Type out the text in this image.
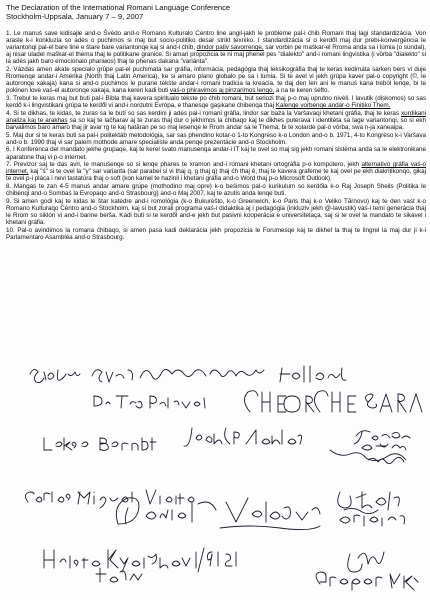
The Declaration of the International Romani Language Conference
Stockholm-Uppsala, January 7 – 9, 2007

1. Le manuś save kidisajle and-o Śvėdo and-o Romano Kulturalo Cėntro line angil-jakh le problėme pal-i ćhib Romani thaj lagi standardizácia. Von arasle k-i konkluzia so adės o puchimos si maj but socio-politiko desar strikt texniko. I standardizácia si o kerdől maj dur prebi-konvergėncia le variantonqi pal-el bare line e štare bare variantonqe kaj si and-i ćhib, dindor pativ savorrenqe, sar vorbin pe maškar-el Rroma anda sa i lúmia (o sundal), aj nisar uladel maškar-el thema thaj le politikane granice. Si amari propozicia te ni maj phenel pes "dialekto" and-i romani lingvistika (i vörba "dialekto" si la adės jakh baro emocionalo phariмos) thaj te phenas dakana "variánta".

2. Vázdas amen akate specialo grûpe pal-el puchimata sar gráfia, informácia, pedagógia thaj leksikográfia thaj te keras kedimáta sarken bers vi duje Rromenqe andar-i Amérika (North thaj Latin America), ke si amaro plano globalo pe sa i lúmia. Si te avel vi jekh grûpa kaver pal-o copyright (©, le autoronqe xakaja) kana si and-o puchimos le purane tėkste andar-i romani tradicia la kreacia, te daj den len ani le manuś kana treból lenqe, bi te pokinen love vaś-el autoronqe xakaja, kana keren kadi buti vaś-o phiravimos aj pinzarimos lenqo, a na te keren śėfto.

3. Trebul te keras maj but buti pal-i Bibla thaj kavera spiritualo tėkste po ćhib romani, but seriozi thaj p-o maj uprutno nivėli. I lavutik (diskomos) so sas kerdő k-i lingvistikani grúpa te kerdől vi and-i nordutni Evrópa, e thanesqe gaşikane ćhibenqa thaj Kalenqe vorbenqe andar-o Finitiko Them.

4. Si te dikhas, te kidas, te zuras sa le butí so sas kerdini ji adės pal-i romani gráfia, lindor sar baza la Varšavaqi khetani gráfia, thaj te keras xurdikani analiza kaj te arakhas sa so kaj te lačharav aj te zuras thaj dur o jekhimos la ćhibaqo kaj te dikhes puterava i identitėta sa lage variantonqi, so si ekh barvalimos baro amaro thaj jir avar rg te kaj hatăran pe so maj lesenqe le Rrom andar sa le Thema, bi te xolarde pal-ó vórba, swa n-ja xaneaipa.

5. Maj dur si te keras buti sa pal-i politektáb metodológia, sar sas phendino kotar-o 1-to Kongrėso k-o London and-o b. 1971, 4-to Kongrėso k-i Varšava and-o b. 1990 thaj vi sar palem mothode amare specialiste anda penqe prezentácie and-o Stockholm.

6. I Konferėnca del mandato jekhe grupaqe, kaj te kerel svato manusenqa andar-i IT kaj te ovel so maj sig jekh romani sistėma anda sa le elektronikane aparatone thaj vi p-o internet.

7. Previzor saj te das avri, le manuśenqe so si lenqe phares te xramon and-i romani khetani ortográfia p-o kompútero, jekh alternativo gráfia vaś-o internet, kaj "ś" si te ovel la "y" sar varianta (sar parabel si vi thaj q, g thaj q) thaj ćh thaj ě, thaj te kavera grafeme te kaj ovel pe ekh diakritikonqo, gikaj te ovel p-i pláca i nevi tastatúra thaj o soft (kon kamel te hazinil i khetani gráfia and-o Word thaj p-o Microsoft Outlook).

8. Mangas te zan 4-5 manuś andar amare grúpe (mothodino maj opre) k-o beśimos pal-o kurikulum so kerdőla k-o Raj Joseph Sheils (Politika le ćhibėnqi and-o Sombaś la Evropaqo and-o Strasbourg) and-o Maj 2007, kaj te azutis anda lenqe buti.

9. Si amen godi kaj te kidas le štar katėdre and-i romológia (k-o Bukurėšto, k-o Greenwich, k-o Paris thaj k-o Veliko Tărnovo) kaj te den vast k-o Romano Kulturaqo Cėntro and-o Stockholm, kaj si but zorali programa vaś-i didaktika aj i pedagógia (inkluziv jekh @-lavustik) vaś-i temi generácia thaj le Rrom so siklón vi and-i barine berša. Kadi buti si te kerdől and-e jekh but pasivni kooperácia e universitetaça, saj si te ovel la mandato te sikavel i khetani gráfia.

10. Pal-o avindimos la romana ćhibaqo, si amen pasa kadi deklarácia jekh propozicia le Forumesqe kaj te dikhel la thaj te lingrel la maj dur ji k-i Parlamentaro Asambléa and-o Strasbourg.
